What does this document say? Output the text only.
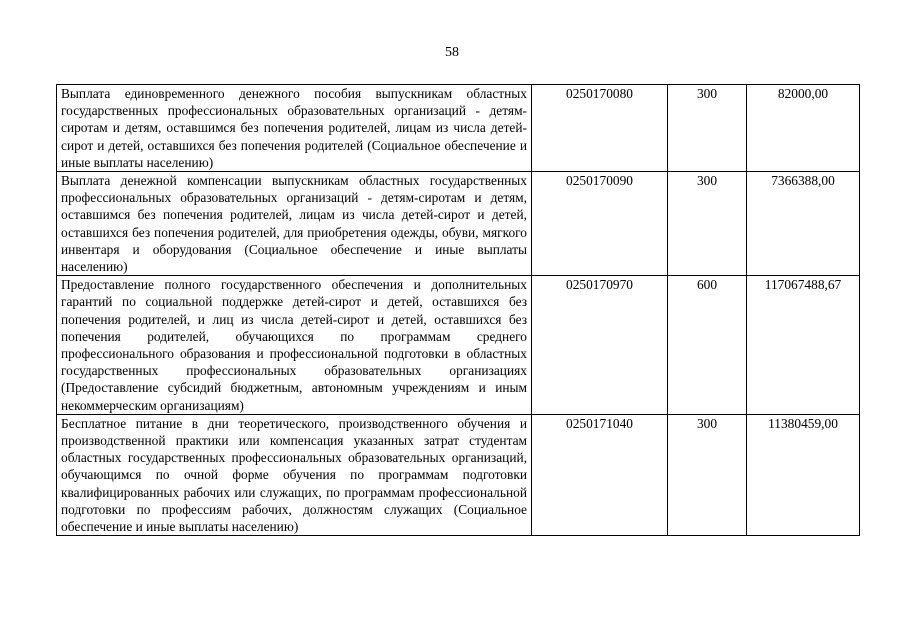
58
Выплата единовременного денежного пособия выпускникам областных государственных профессиональных образовательных организаций - детям-сиротам и детям, оставшимся без попечения родителей, лицам из числа детей-сирот и детей, оставшихся без попечения родителей (Социальное обеспечение и иные выплаты населению)	0250170080	300	82000,00
Выплата денежной компенсации выпускникам областных государственных профессиональных образовательных организаций - детям-сиротам и детям, оставшимся без попечения родителей, лицам из числа детей-сирот и детей, оставшихся без попечения родителей, для приобретения одежды, обуви, мягкого инвентаря и оборудования (Социальное обеспечение и иные выплаты населению)	0250170090	300	7366388,00
Предоставление полного государственного обеспечения и дополнительных гарантий по социальной поддержке детей-сирот и детей, оставшихся без попечения родителей, и лиц из числа детей-сирот и детей, оставшихся без попечения родителей, обучающихся по программам среднего профессионального образования и профессиональной подготовки в областных государственных профессиональных образовательных организациях (Предоставление субсидий бюджетным, автономным учреждениям и иным некоммерческим организациям)	0250170970	600	117067488,67
Бесплатное питание в дни теоретического, производственного обучения и производственной практики или компенсация указанных затрат студентам областных государственных профессиональных образовательных организаций, обучающимся по очной форме обучения по программам подготовки квалифицированных рабочих или служащих, по программам профессиональной подготовки по профессиям рабочих, должностям служащих (Социальное обеспечение и иные выплаты населению)	0250171040	300	11380459,00
